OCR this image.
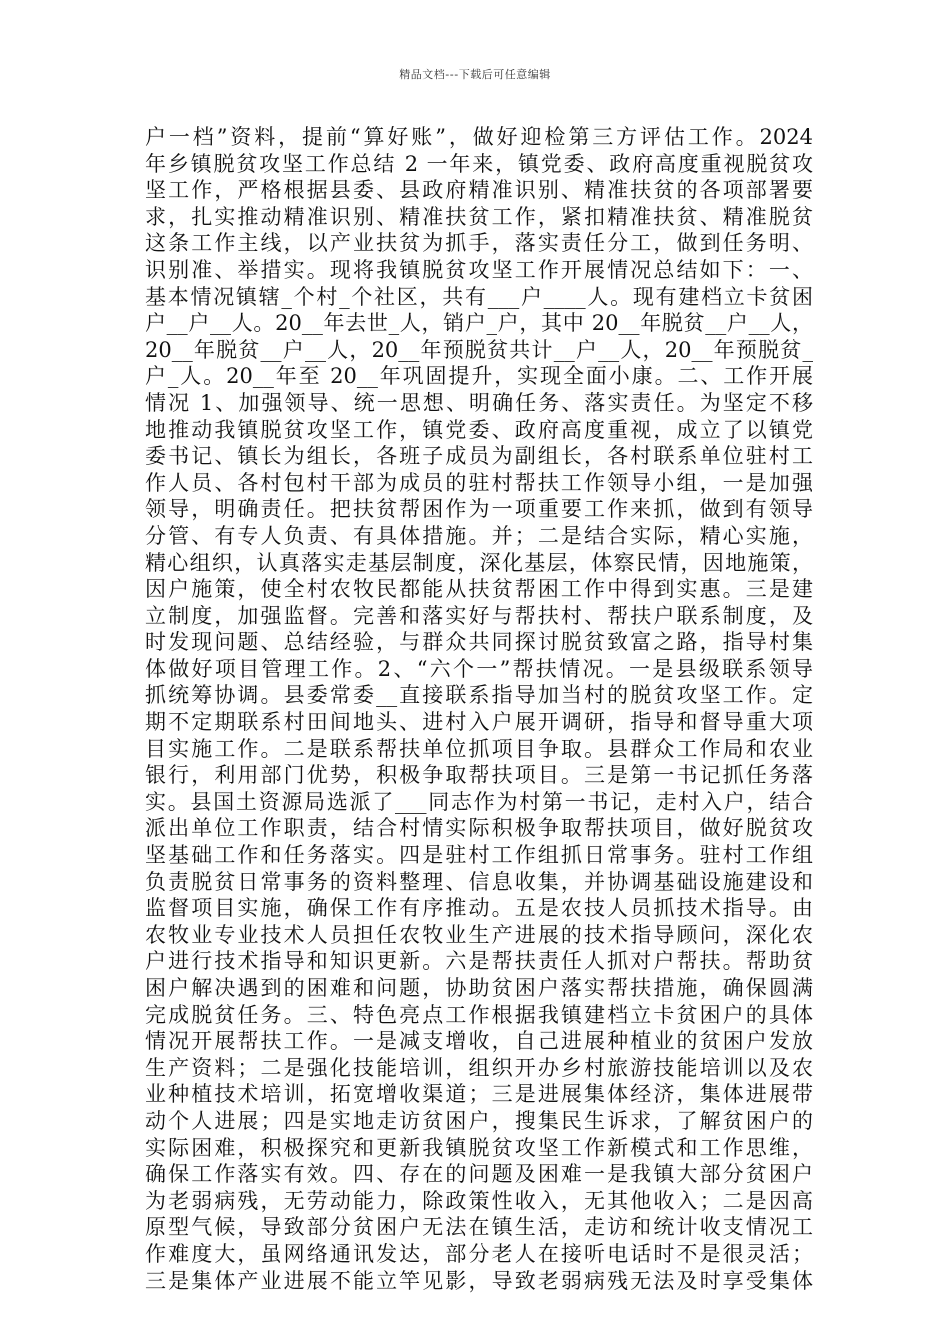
精品文档---下载后可任意编辑
户一档”资料，提前“算好账”，做好迎检第三方评估工作。2024
年乡镇脱贫攻坚工作总结 2 一年来，镇党委、政府高度重视脱贫攻
坚工作，严格根据县委、县政府精准识别、精准扶贫的各项部署要
求，扎实推动精准识别、精准扶贫工作，紧扣精准扶贫、精准脱贫
这条工作主线，以产业扶贫为抓手，落实责任分工，做到任务明、
识别准、举措实。现将我镇脱贫攻坚工作开展情况总结如下：一、
基本情况镇辖_个村_个社区，共有___户____人。现有建档立卡贫困
户__户__人。20__年去世_人，销户_户，其中 20__年脱贫__户__人，
20__年脱贫__户__人，20__年预脱贫共计__户__人，20__年预脱贫_
户_人。20__年至 20__年巩固提升，实现全面小康。二、工作开展
情况 1、加强领导、统一思想、明确任务、落实责任。为坚定不移
地推动我镇脱贫攻坚工作，镇党委、政府高度重视，成立了以镇党
委书记、镇长为组长，各班子成员为副组长，各村联系单位驻村工
作人员、各村包村干部为成员的驻村帮扶工作领导小组，一是加强
领导，明确责任。把扶贫帮困作为一项重要工作来抓，做到有领导
分管、有专人负责、有具体措施。并；二是结合实际，精心实施，
精心组织，认真落实走基层制度，深化基层，体察民情，因地施策，
因户施策，使全村农牧民都能从扶贫帮困工作中得到实惠。三是建
立制度，加强监督。完善和落实好与帮扶村、帮扶户联系制度，及
时发现问题、总结经验，与群众共同探讨脱贫致富之路，指导村集
体做好项目管理工作。2、“六个一”帮扶情况。一是县级联系领导
抓统筹协调。县委常委__直接联系指导加当村的脱贫攻坚工作。定
期不定期联系村田间地头、进村入户展开调研，指导和督导重大项
目实施工作。二是联系帮扶单位抓项目争取。县群众工作局和农业
银行，利用部门优势，积极争取帮扶项目。三是第一书记抓任务落
实。县国土资源局选派了___同志作为村第一书记，走村入户，结合
派出单位工作职责，结合村情实际积极争取帮扶项目，做好脱贫攻
坚基础工作和任务落实。四是驻村工作组抓日常事务。驻村工作组
负责脱贫日常事务的资料整理、信息收集，并协调基础设施建设和
监督项目实施，确保工作有序推动。五是农技人员抓技术指导。由
农牧业专业技术人员担任农牧业生产进展的技术指导顾问，深化农
户进行技术指导和知识更新。六是帮扶责任人抓对户帮扶。帮助贫
困户解决遇到的困难和问题，协助贫困户落实帮扶措施，确保圆满
完成脱贫任务。三、特色亮点工作根据我镇建档立卡贫困户的具体
情况开展帮扶工作。一是减支增收，自己进展种植业的贫困户发放
生产资料；二是强化技能培训，组织开办乡村旅游技能培训以及农
业种植技术培训，拓宽增收渠道；三是进展集体经济，集体进展带
动个人进展；四是实地走访贫困户，搜集民生诉求，了解贫困户的
实际困难，积极探究和更新我镇脱贫攻坚工作新模式和工作思维，
确保工作落实有效。四、存在的问题及困难一是我镇大部分贫困户
为老弱病残，无劳动能力，除政策性收入，无其他收入；二是因高
原型气候，导致部分贫困户无法在镇生活，走访和统计收支情况工
作难度大，虽网络通讯发达，部分老人在接听电话时不是很灵活；
三是集体产业进展不能立竿见影，导致老弱病残无法及时享受集体
